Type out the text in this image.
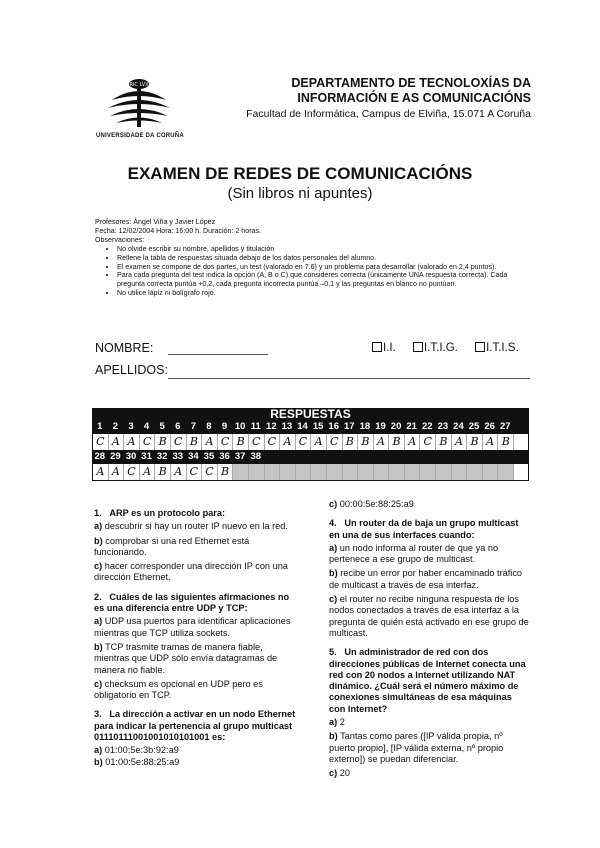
RIC LVX
UNIVERSIDADE DA CORUÑA
DEPARTAMENTO DE TECNOLOXÍAS DA
INFORMACIÓN E AS COMUNICACIÓNS
Facultad de Informática, Campus de Elviña, 15.071 A Coruña
EXAMEN DE REDES DE COMUNICACIÓNS
(Sin libros ni apuntes)
Profesores: Ángel Viña y Javier López
Fecha: 12/02/2004 Hora: 16:00 h. Duración: 2 horas.
Observaciones:
• No olvide escribir su nombre, apellidos y titulación
• Rellene la tabla de respuestas situada debajo de los datos personales del alumno.
• El examen se compone de dos partes, un test (valorado en 7.6) y un problema para desarrollar (valorado en 2,4 puntos).
• Para cada pregunta del test indica la opción (A, B o C) que consideres correcta (únicamente UNA respuesta correcta). Cada pregunta correcta puntúa +0,2, cada pregunta incorrecta puntúa –0,1 y las preguntas en blanco no puntúan.
• No utilice lápiz ni bolígrafo rojo.
NOMBRE:
APELLIDOS:
I.I. I.T.I.G. I.T.I.S.
RESPUESTAS
1	2	3	4	5	6	7	8	9 10 11 12 13 14 15 16 17 18 19 20 21 22 23 24 25 26 27
C A A C B C B A C B C C A C A C B B A B A C B A B A B
28 29 30 31 32 33 34 35 36 37 38
A A C A B A C C B

1. ARP es un protocolo para:

a) descubrir si hay un router IP nuevo en la red.

b) comprobar si una red Ethernet está funcionando.

c) hacer corresponder una dirección IP con una dirección Ethernet.

2. Cuáles de las siguientes afirmaciones no es una diferencia entre UDP y TCP:

a) UDP usa puertos para identificar aplicaciones mientras que TCP utiliza sockets.

b) TCP trasmite tramas de manera fiable, mientras que UDP sólo envía datagramas de manera no fiable.

c) checksum es opcional en UDP pero es obligatorio en TCP.

3. La dirección a activar en un nodo Ethernet para indicar la pertenencia al grupo multicast 01110111001001010101001 es:

a) 01:00:5e:3b:92:a9

b) 01:00:5e:88:25:a9

c) 00:00:5e:88:25:a9

4. Un router da de baja un grupo multicast en una de sus interfaces cuando:

a) un nodo informa al router de que ya no pertenece a ese grupo de multicast.

b) recibe un error por haber encaminado tráfico de multicast a través de esa interfaz.

c) el router no recibe ninguna respuesta de los nodos conectados a través de esa interfaz a la pregunta de quién está activado en ese grupo de multicast.

5. Un administrador de red con dos direcciones públicas de Internet conecta una red con 20 nodos a Internet utilizando NAT dinámico. ¿Cuál será el número máximo de conexiones simultáneas de esa máquinas con Internet?

a) 2

b) Tantas como pares ([IP válida propia, nº puerto propio], [IP válida externa, nº propio externo]) se puedan diferenciar.

c) 20
